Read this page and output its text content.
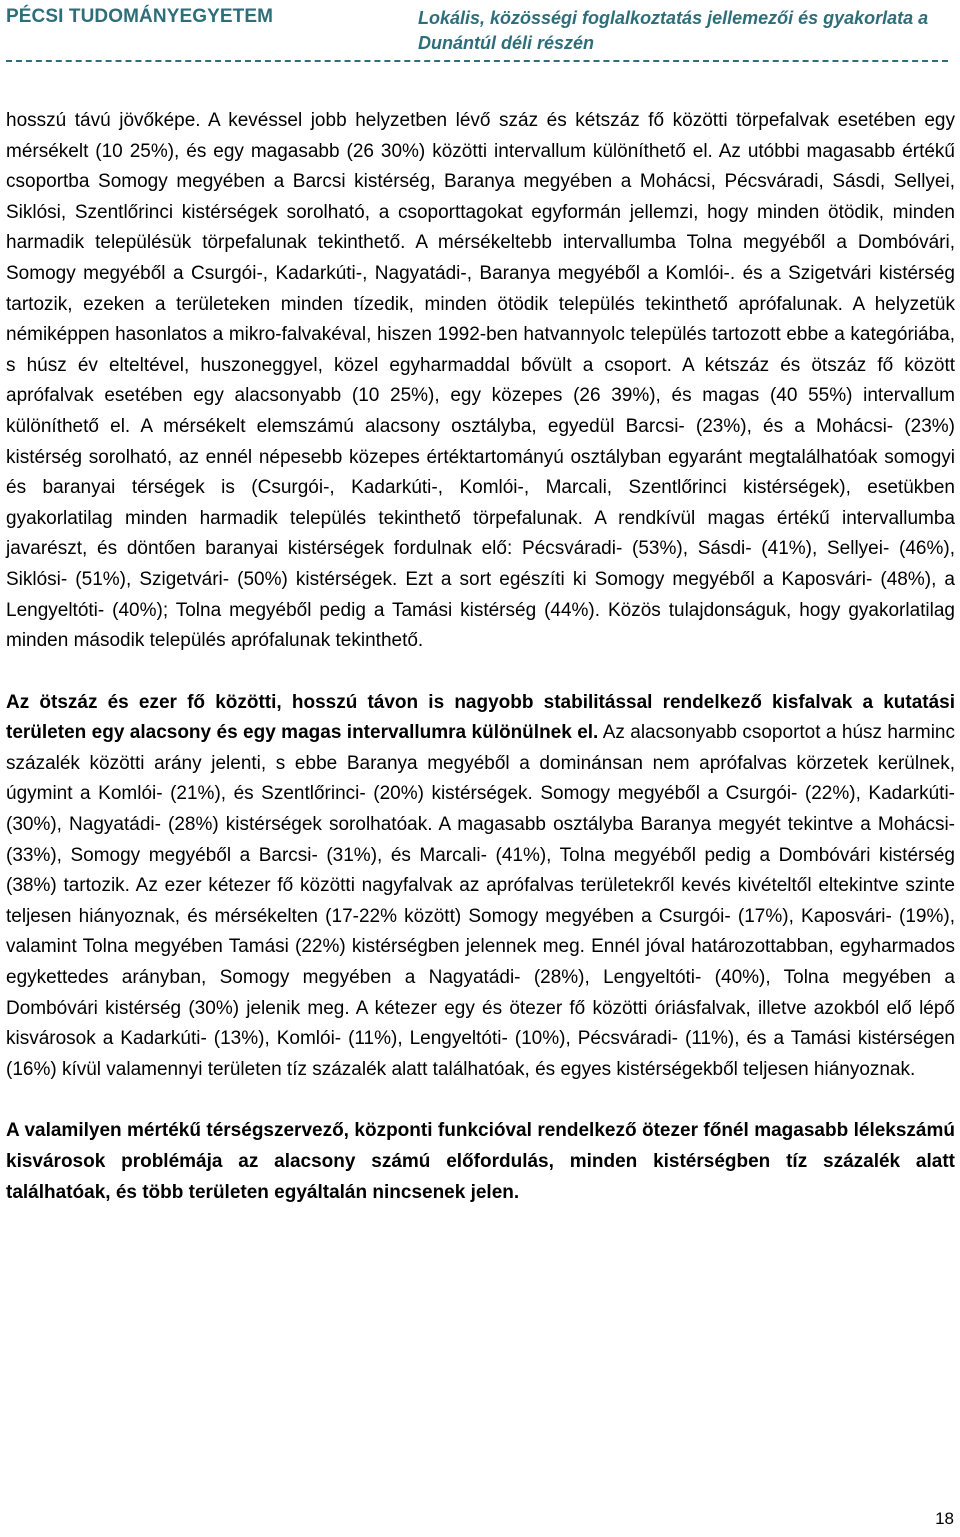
PÉCSI TUDOMÁNYEGYETEM	Lokális, közösségi foglalkoztatás jellemezői és gyakorlata a
Dunántúl déli részén

hosszú távú jövőképe. A kevéssel jobb helyzetben lévő száz és kétszáz fő közötti törpefalvak esetében egy mérsékelt (10 25%), és egy magasabb (26 30%) közötti intervallum különíthető el. Az utóbbi magasabb értékű csoportba Somogy megyében a Barcsi kistérség, Baranya megyében a Mohácsi, Pécsváradi, Sásdi, Sellyei, Siklósi, Szentlőrinci kistérségek sorolható, a csoporttagokat egyformán jellemzi, hogy minden ötödik, minden harmadik településük törpefalunak tekinthető. A mérsékeltebb intervallumba Tolna megyéből a Dombóvári, Somogy megyéből a Csurgói-, Kadarkúti-, Nagyatádi-, Baranya megyéből a Komlói-. és a Szigetvári kistérség tartozik, ezeken a területeken minden tízedik, minden ötödik település tekinthető aprófalunak. A helyzetük némiképpen hasonlatos a mikro-falvakéval, hiszen 1992-ben hatvannyolc település tartozott ebbe a kategóriába, s húsz év elteltével, huszoneggyel, közel egyharmaddal bővült a csoport. A kétszáz és ötszáz fő között aprófalvak esetében egy alacsonyabb (10 25%), egy közepes (26 39%), és magas (40 55%) intervallum különíthető el. A mérsékelt elemszámú alacsony osztályba, egyedül Barcsi- (23%), és a Mohácsi- (23%) kistérség sorolható, az ennél népesebb közepes értéktartományú osztályban egyaránt megtalálhatóak somogyi és baranyai térségek is (Csurgói-, Kadarkúti-, Komlói-, Marcali, Szentlőrinci kistérségek), esetükben gyakorlatilag minden harmadik település tekinthető törpefalunak. A rendkívül magas értékű intervallumba javarészt, és döntően baranyai kistérségek fordulnak elő: Pécsváradi- (53%), Sásdi- (41%), Sellyei- (46%), Siklósi- (51%), Szigetvári- (50%) kistérségek. Ezt a sort egészíti ki Somogy megyéből a Kaposvári- (48%), a Lengyeltóti- (40%); Tolna megyéből pedig a Tamási kistérség (44%). Közös tulajdonságuk, hogy gyakorlatilag minden második település aprófalunak tekinthető.

Az ötszáz és ezer fő közötti, hosszú távon is nagyobb stabilitással rendelkező kisfalvak a kutatási területen egy alacsony és egy magas intervallumra különülnek el. Az alacsonyabb csoportot a húsz harminc százalék közötti arány jelenti, s ebbe Baranya megyéből a dominánsan nem aprófalvas körzetek kerülnek, úgymint a Komlói- (21%), és Szentlőrinci- (20%) kistérségek. Somogy megyéből a Csurgói- (22%), Kadarkúti- (30%), Nagyatádi- (28%) kistérségek sorolhatóak. A magasabb osztályba Baranya megyét tekintve a Mohácsi- (33%), Somogy megyéből a Barcsi- (31%), és Marcali- (41%), Tolna megyéből pedig a Dombóvári kistérség (38%) tartozik. Az ezer kétezer fő közötti nagyfalvak az aprófalvas területekről kevés kivételtől eltekintve szinte teljesen hiányoznak, és mérsékelten (17-22% között) Somogy megyében a Csurgói- (17%), Kaposvári- (19%), valamint Tolna megyében Tamási (22%) kistérségben jelennek meg. Ennél jóval határozottabban, egyharmados egykettedes arányban, Somogy megyében a Nagyatádi- (28%), Lengyeltóti- (40%), Tolna megyében a Dombóvári kistérség (30%) jelenik meg. A kétezer egy és ötezer fő közötti óriásfalvak, illetve azokból elő lépő kisvárosok a Kadarkúti- (13%), Komlói- (11%), Lengyeltóti- (10%), Pécsváradi- (11%), és a Tamási kistérségen (16%) kívül valamennyi területen tíz százalék alatt találhatóak, és egyes kistérségekből teljesen hiányoznak.

A valamilyen mértékű térségszervező, központi funkcióval rendelkező ötezer főnél magasabb lélekszámú kisvárosok problémája az alacsony számú előfordulás, minden kistérségben tíz százalék alatt találhatóak, és több területen egyáltalán nincsenek jelen.

18
